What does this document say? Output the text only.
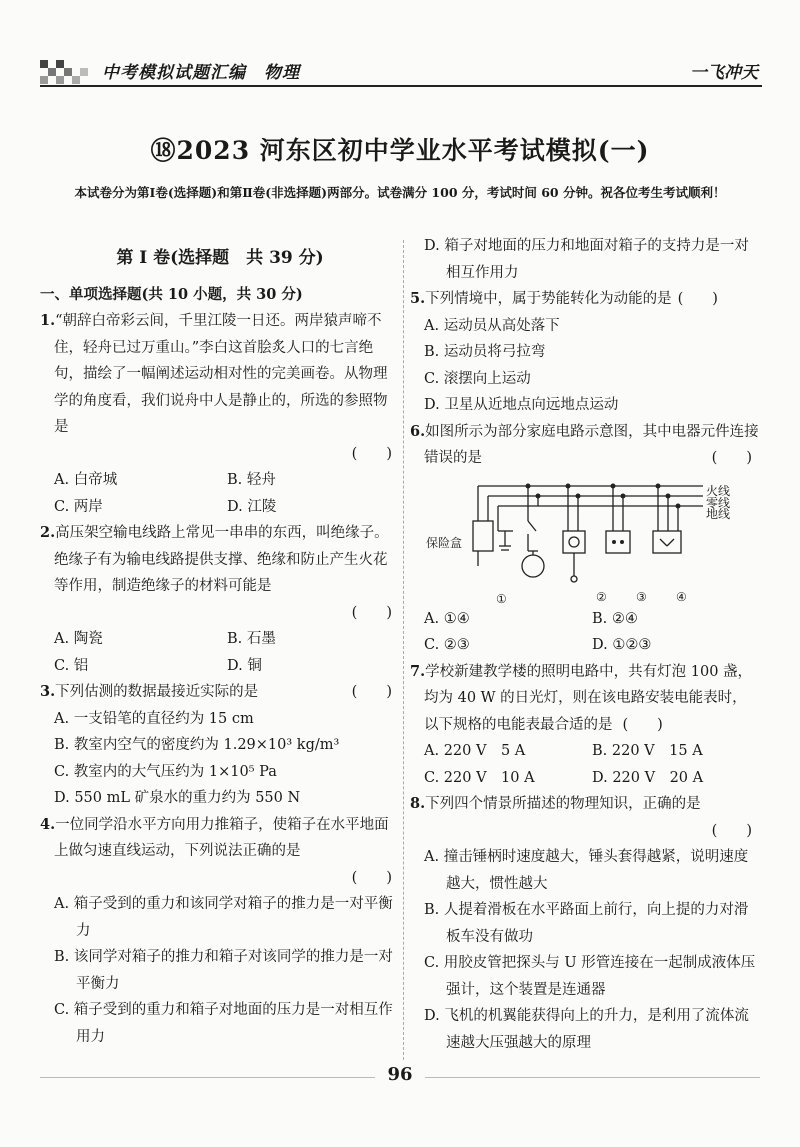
中考模拟试题汇编　物理	一飞冲天
⑱2023 河东区初中学业水平考试模拟(一)
本试卷分为第Ⅰ卷(选择题)和第Ⅱ卷(非选择题)两部分。试卷满分 100 分，考试时间 60 分钟。祝各位考生考试顺利！
第 Ⅰ 卷(选择题　共 39 分)
一、单项选择题(共 10 小题，共 30 分)
1.“朝辞白帝彩云间，千里江陵一日还。两岸猿声啼不住，轻舟已过万重山。”李白这首脍炙人口的七言绝句，描绘了一幅阐述运动相对性的完美画卷。从物理学的角度看，我们说舟中人是静止的，所选的参照物是
(　　)
A. 白帝城	B. 轻舟
C. 两岸	D. 江陵
2.高压架空输电线路上常见一串串的东西，叫绝缘子。绝缘子有为输电线路提供支撑、绝缘和防止产生火花等作用，制造绝缘子的材料可能是
(　　)
A. 陶瓷	B. 石墨
C. 铝	D. 铜
3.下列估测的数据最接近实际的是	(　　)
A. 一支铅笔的直径约为 15 cm
B. 教室内空气的密度约为 1.29×10³ kg/m³
C. 教室内的大气压约为 1×10⁵ Pa
D. 550 mL 矿泉水的重力约为 550 N
4.一位同学沿水平方向用力推箱子，使箱子在水平地面上做匀速直线运动，下列说法正确的是
(　　)
A. 箱子受到的重力和该同学对箱子的推力是一对平衡力
B. 该同学对箱子的推力和箱子对该同学的推力是一对平衡力
C. 箱子受到的重力和箱子对地面的压力是一对相互作用力
D. 箱子对地面的压力和地面对箱子的支持力是一对相互作用力
5.下列情境中，属于势能转化为动能的是 (　　)
A. 运动员从高处落下
B. 运动员将弓拉弯
C. 滚摆向上运动
D. 卫星从近地点向远地点运动
6.如图所示为部分家庭电路示意图，其中电器元件连接错误的是	(　　)
火线
零线
地线
保险盒
①	② ③ ④
A. ①④	B. ②④
C. ②③	D. ①②③
7.学校新建教学楼的照明电路中，共有灯泡 100 盏，均为 40 W 的日光灯，则在该电路安装电能表时，以下规格的电能表最合适的是 (　　)
A. 220 V　5 A	B. 220 V　15 A
C. 220 V　10 A	D. 220 V　20 A
8.下列四个情景所描述的物理知识，正确的是
(　　)
A. 撞击锤柄时速度越大，锤头套得越紧，说明速度越大，惯性越大
B. 人提着滑板在水平路面上前行，向上提的力对滑板车没有做功
C. 用胶皮管把探头与 U 形管连接在一起制成液体压强计，这个装置是连通器
D. 飞机的机翼能获得向上的升力，是利用了流体流速越大压强越大的原理
96
